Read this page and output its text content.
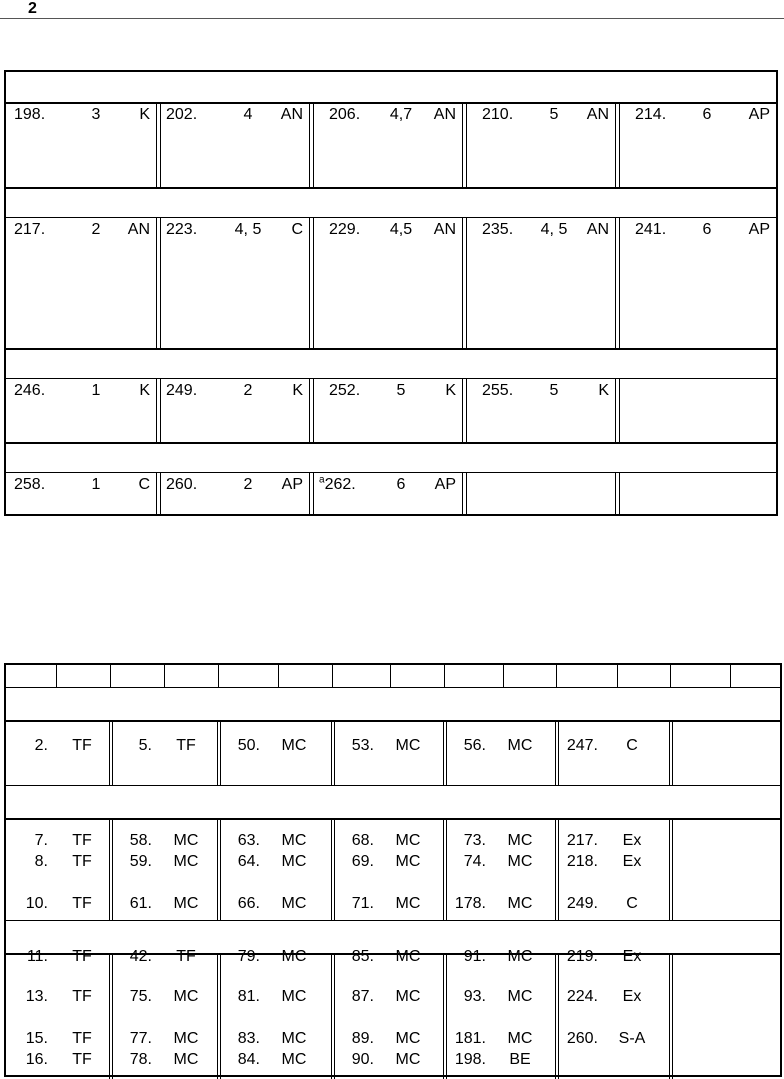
2
198.	3	K 202.	4	AN 206.	4,7	AN 210.	5	AN 214.	6	AP
217.	2	AN 223.	4, 5	C 229.	4,5	AN 235.	4, 5	AN 241.	6	AP
246.	1	K 249.	2	K 252.	5	K 255.	5	K
258.	1	C 260.	2	AP $^a$262.	6	AP
2.	TF	5.	TF	50.	MC	53.	MC	56.	MC	247.	C
7.	TF	58.	MC	63.	MC	68.	MC	73.	MC	217.	Ex
8.	TF	59.	MC	64.	MC	69.	MC	74.	MC	218.	Ex
10.	TF	61.	MC	66.	MC	71.	MC	178.	MC	249.	C
11.	TF	42.	TF	79.	MC	85.	MC	91.	MC	219.	Ex
13.	TF	75.	MC	81.	MC	87.	MC	93.	MC	224.	Ex
15.	TF	77.	MC	83.	MC	89.	MC	181.	MC	260.	S-A
16.	TF	78.	MC	84.	MC	90.	MC	198.	BE
